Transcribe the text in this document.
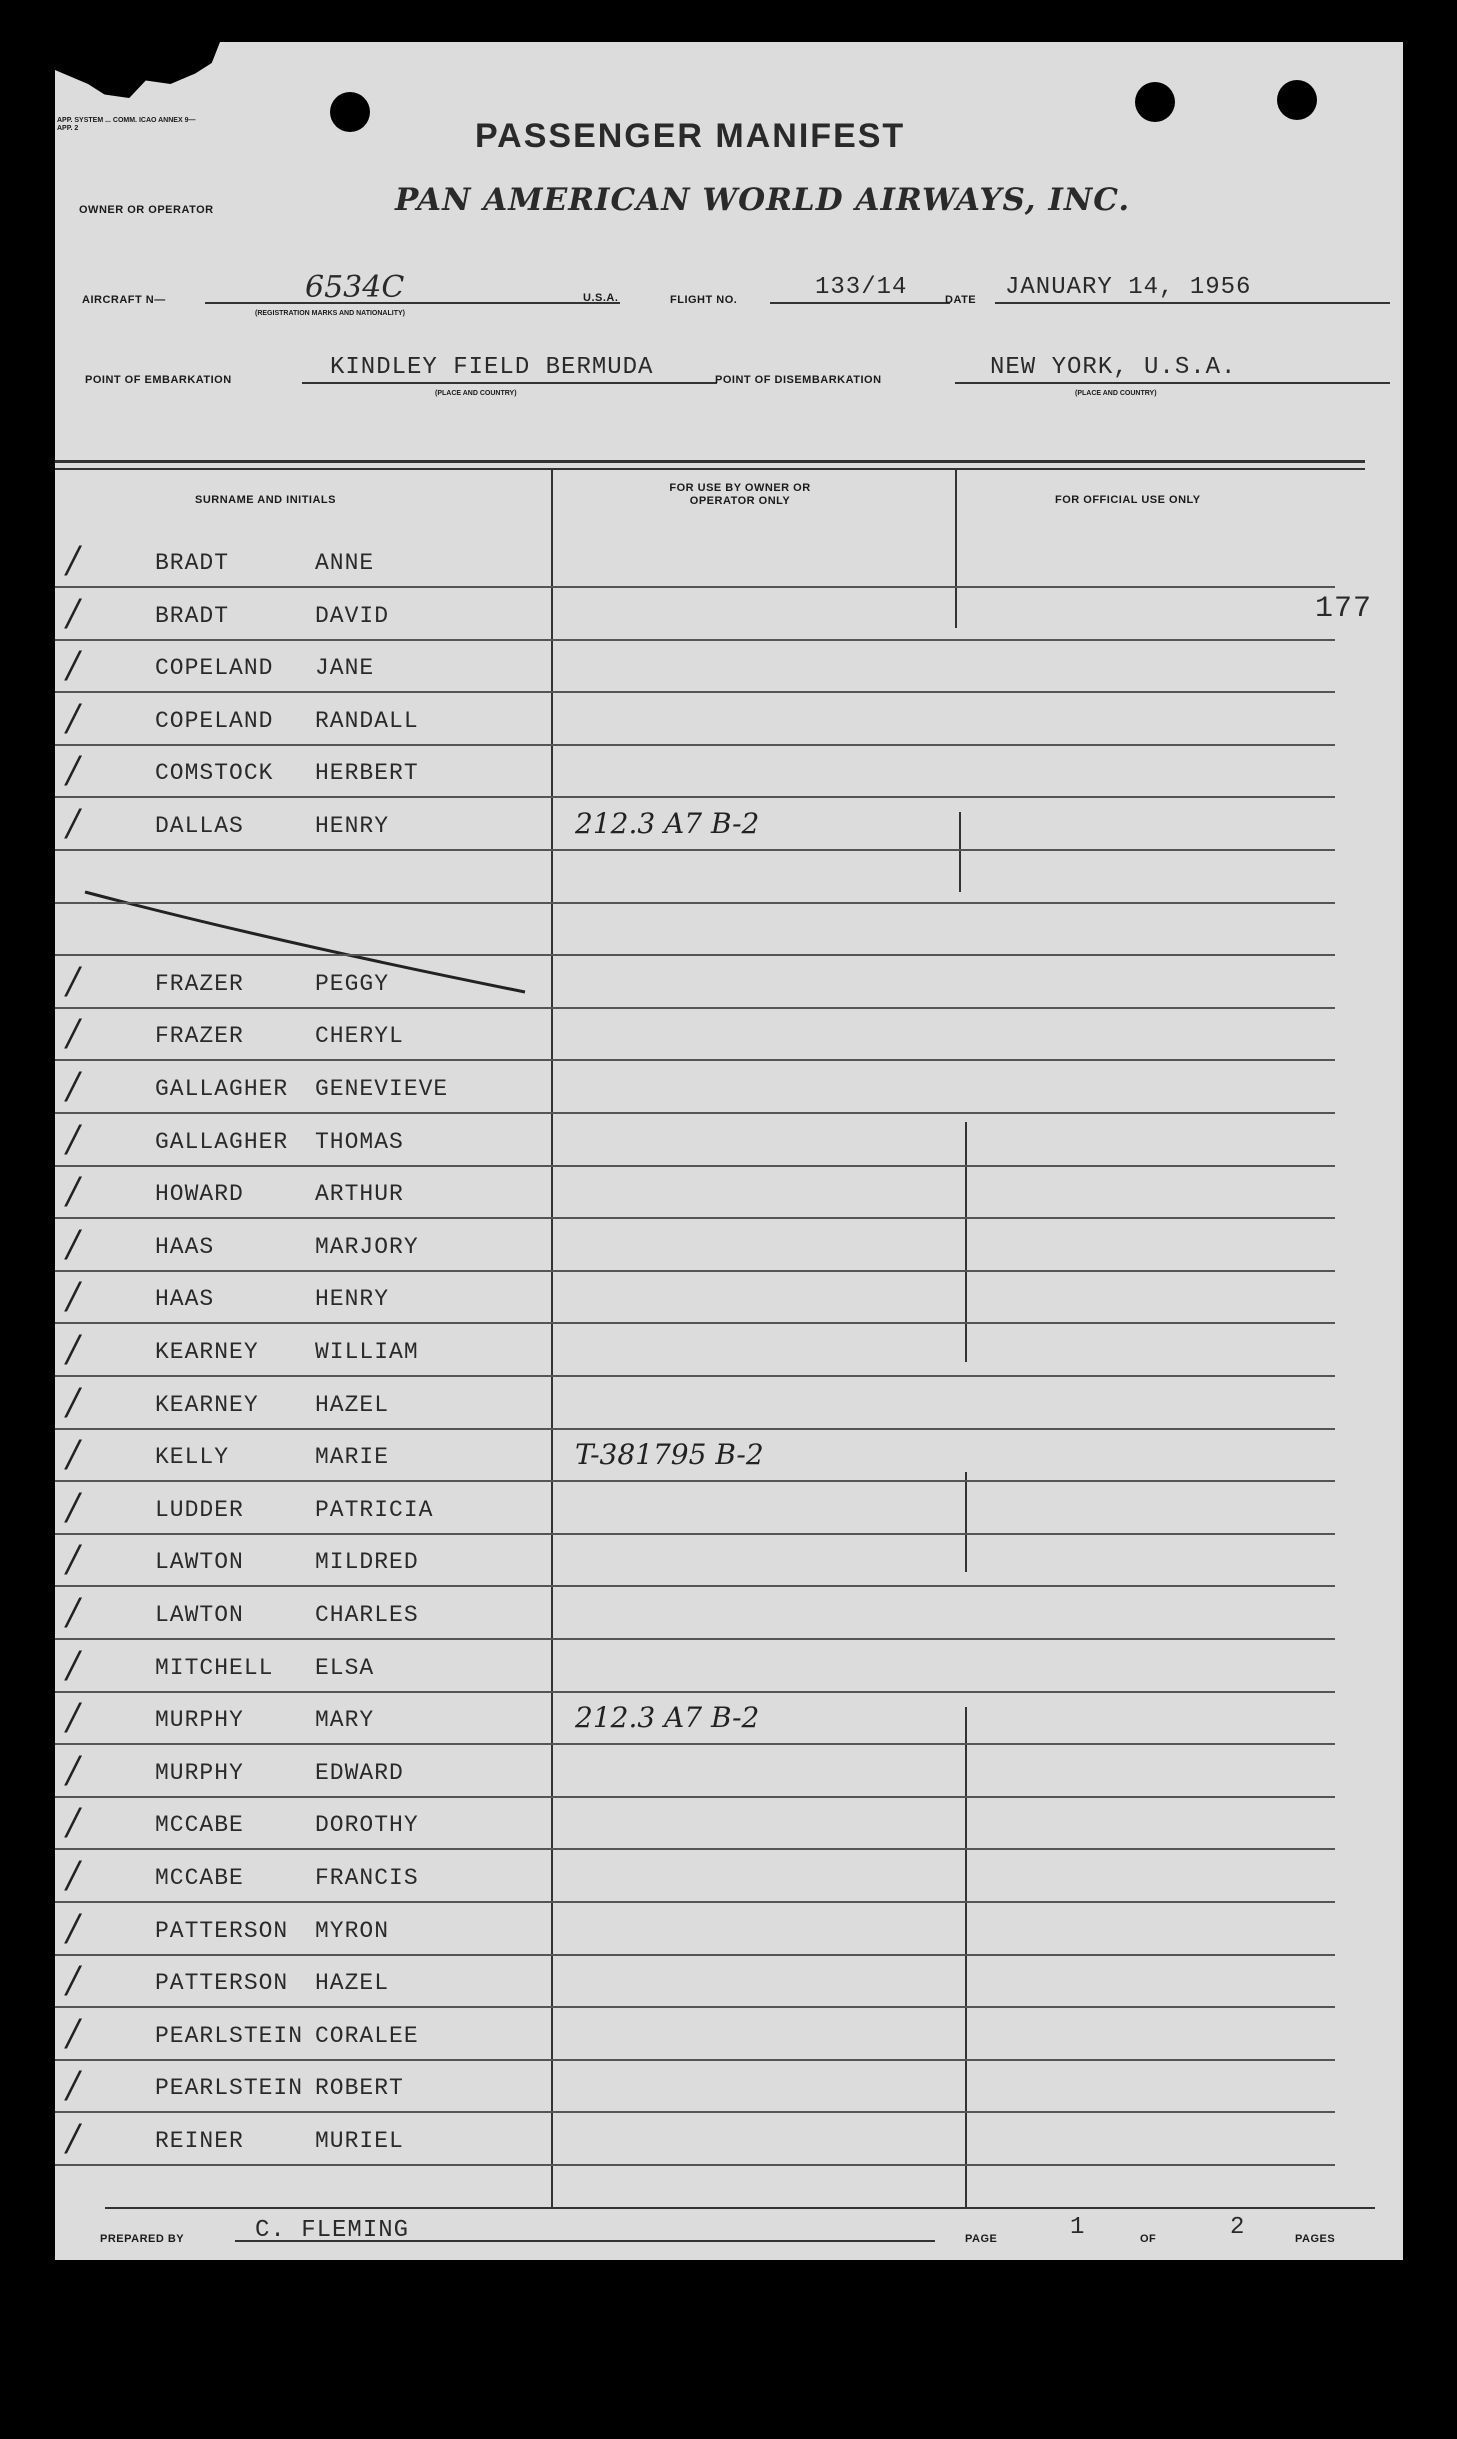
APP. SYSTEM ... COMM. ICAO ANNEX 9—APP. 2	PASSENGER MANIFEST
OWNER OR OPERATOR	PAN AMERICAN WORLD AIRWAYS, INC.
AIRCRAFT N—	6534C
(REGISTRATION MARKS AND NATIONALITY)
U.S.A.	FLIGHT NO.	133/14	DATE JANUARY 14, 1956
POINT OF EMBARKATION	KINDLEY FIELD BERMUDA
(PLACE AND COUNTRY)
POINT OF DISEMBARKATION	NEW YORK, U.S.A.
(PLACE AND COUNTRY)
SURNAME AND INITIALS
FOR USE BY OWNER OR OPERATOR ONLY	FOR OFFICIAL USE ONLY
177
/	BRADT	ANNE
/	BRADT	DAVID
/	COPELAND JANE
/	COPELAND RANDALL
/	COMSTOCK HERBERT
/	DALLAS	HENRY	212.3 A7 B-2
/	FRAZER	PEGGY
/	FRAZER	CHERYL
/	GALLAGHER GENEVIEVE
/	GALLAGHER THOMAS
/	HOWARD	ARTHUR
/	HAAS	MARJORY
/	HAAS	HENRY
/	KEARNEY WILLIAM
/	KEARNEY HAZEL
/	KELLY	MARIE	T-381795 B-2
/	LUDDER	PATRICIA
/	LAWTON	MILDRED
/	LAWTON	CHARLES
/	MITCHELL ELSA
/	MURPHY	MARY	212.3 A7 B-2
/	MURPHY	EDWARD
/	MCCABE	DOROTHY
/	MCCABE	FRANCIS
/	PATTERSON MYRON
/	PATTERSON HAZEL
/	PEARLSTEIN CORALEE
/	PEARLSTEIN ROBERT
/	REINER	MURIEL
PREPARED BY	C. FLEMING	PAGE	1	OF	2	PAGES
